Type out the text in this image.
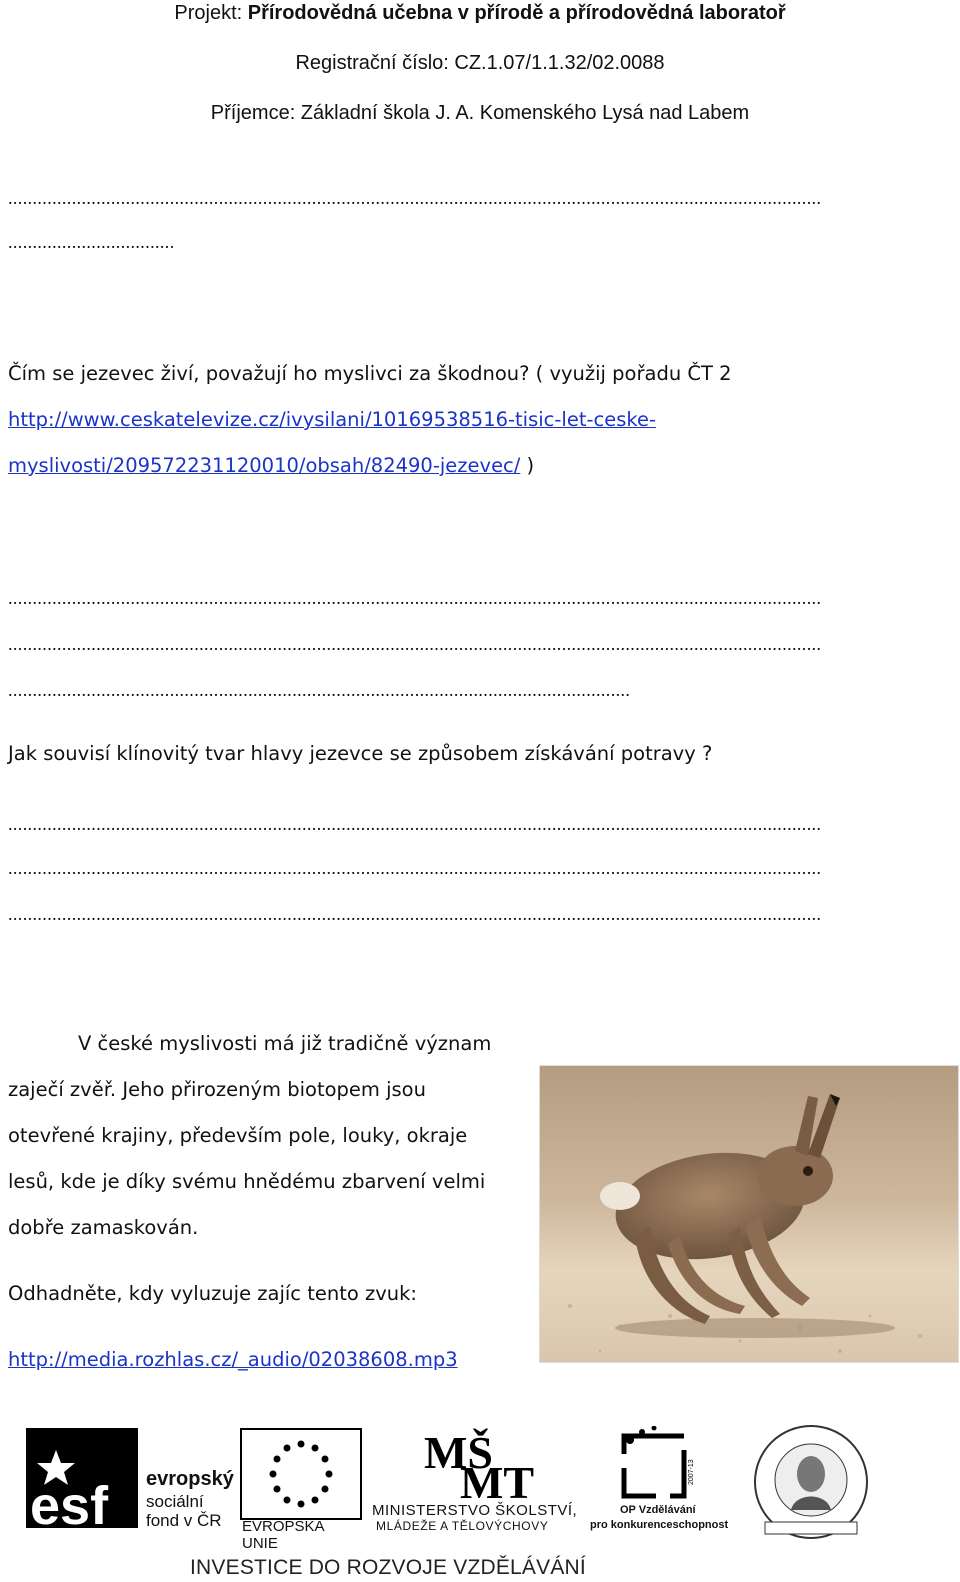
Projekt: Přírodovědná učebna v přírodě a přírodovědná laboratoř
Registrační číslo: CZ.1.07/1.1.32/02.0088
Příjemce: Základní škola J. A. Komenského Lysá nad Labem
......................................................................................................................................................................
..................................
Čím se jezevec živí, považují ho myslivci za škodnou? ( využij pořadu ČT 2
http://www.ceskatelevize.cz/ivysilani/10169538516-tisic-let-ceske-
myslivosti/209572231120010/obsah/82490-jezevec/ )
......................................................................................................................................................................
......................................................................................................................................................................
...............................................................................................................................
Jak souvisí klínovitý tvar hlavy jezevce se způsobem získávání potravy ?
......................................................................................................................................................................
......................................................................................................................................................................
......................................................................................................................................................................
V české myslivosti má již tradičně význam
zaječí zvěř. Jeho přirozeným biotopem jsou
otevřené krajiny, především pole, louky, okraje
lesů, kde je díky svému hnědému zbarvení velmi
dobře zamaskován.
Odhadněte, kdy vyluzuje zajíc tento zvuk:
http://media.rozhlas.cz/_audio/02038608.mp3
esf evropský
sociální
fond v ČR EVROPSKÁ UNIE
MŠ
MT
MINISTERSTVO ŠKOLSTVÍ,
MLÁDEŽE A TĚLOVÝCHOVY
2007-13
OP Vzdělávání
pro konkurenceschopnost
INVESTICE DO ROZVOJE VZDĚLÁVÁNÍ
